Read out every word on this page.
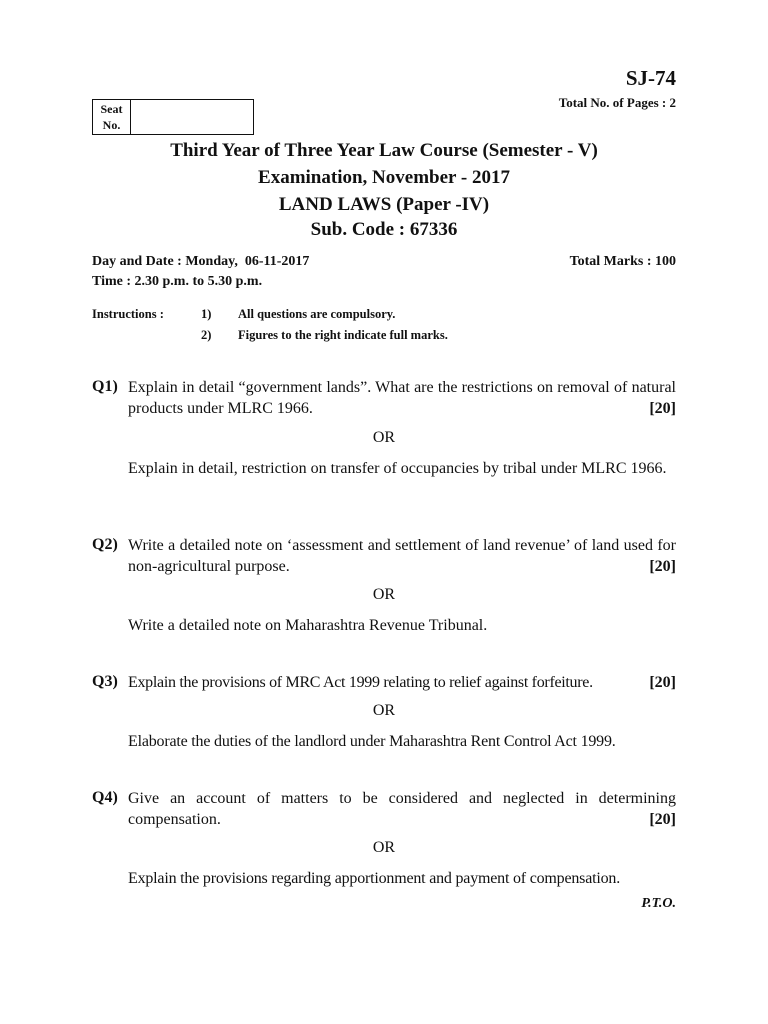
SJ-74
Total No. of Pages : 2
Seat
No.
Third Year of Three Year Law Course (Semester - V)
Examination, November - 2017
LAND LAWS (Paper -IV)
Sub. Code : 67336
Day and Date : Monday,  06-11-2017	Total Marks : 100
Time : 2.30 p.m. to 5.30 p.m.
Instructions :	1) All questions are compulsory.
2) Figures to the right indicate full marks.
Q1) Explain in detail “government lands”. What are the restrictions on removal of natural products under MLRC 1966.	[20]
OR
Explain in detail, restriction on transfer of occupancies by tribal under MLRC 1966.
Q2) Write a detailed note on ‘assessment and settlement of land revenue’ of land used for non-agricultural purpose.	[20]
OR
Write a detailed note on Maharashtra Revenue Tribunal.
Q3) Explain the provisions of MRC Act 1999 relating to relief against forfeiture.	[20]
OR
Elaborate the duties of the landlord under Maharashtra Rent Control Act 1999.
Q4) Give an account of matters to be considered and neglected in determining compensation.	[20]
OR
Explain the provisions regarding apportionment and payment of compensation.
P.T.O.
